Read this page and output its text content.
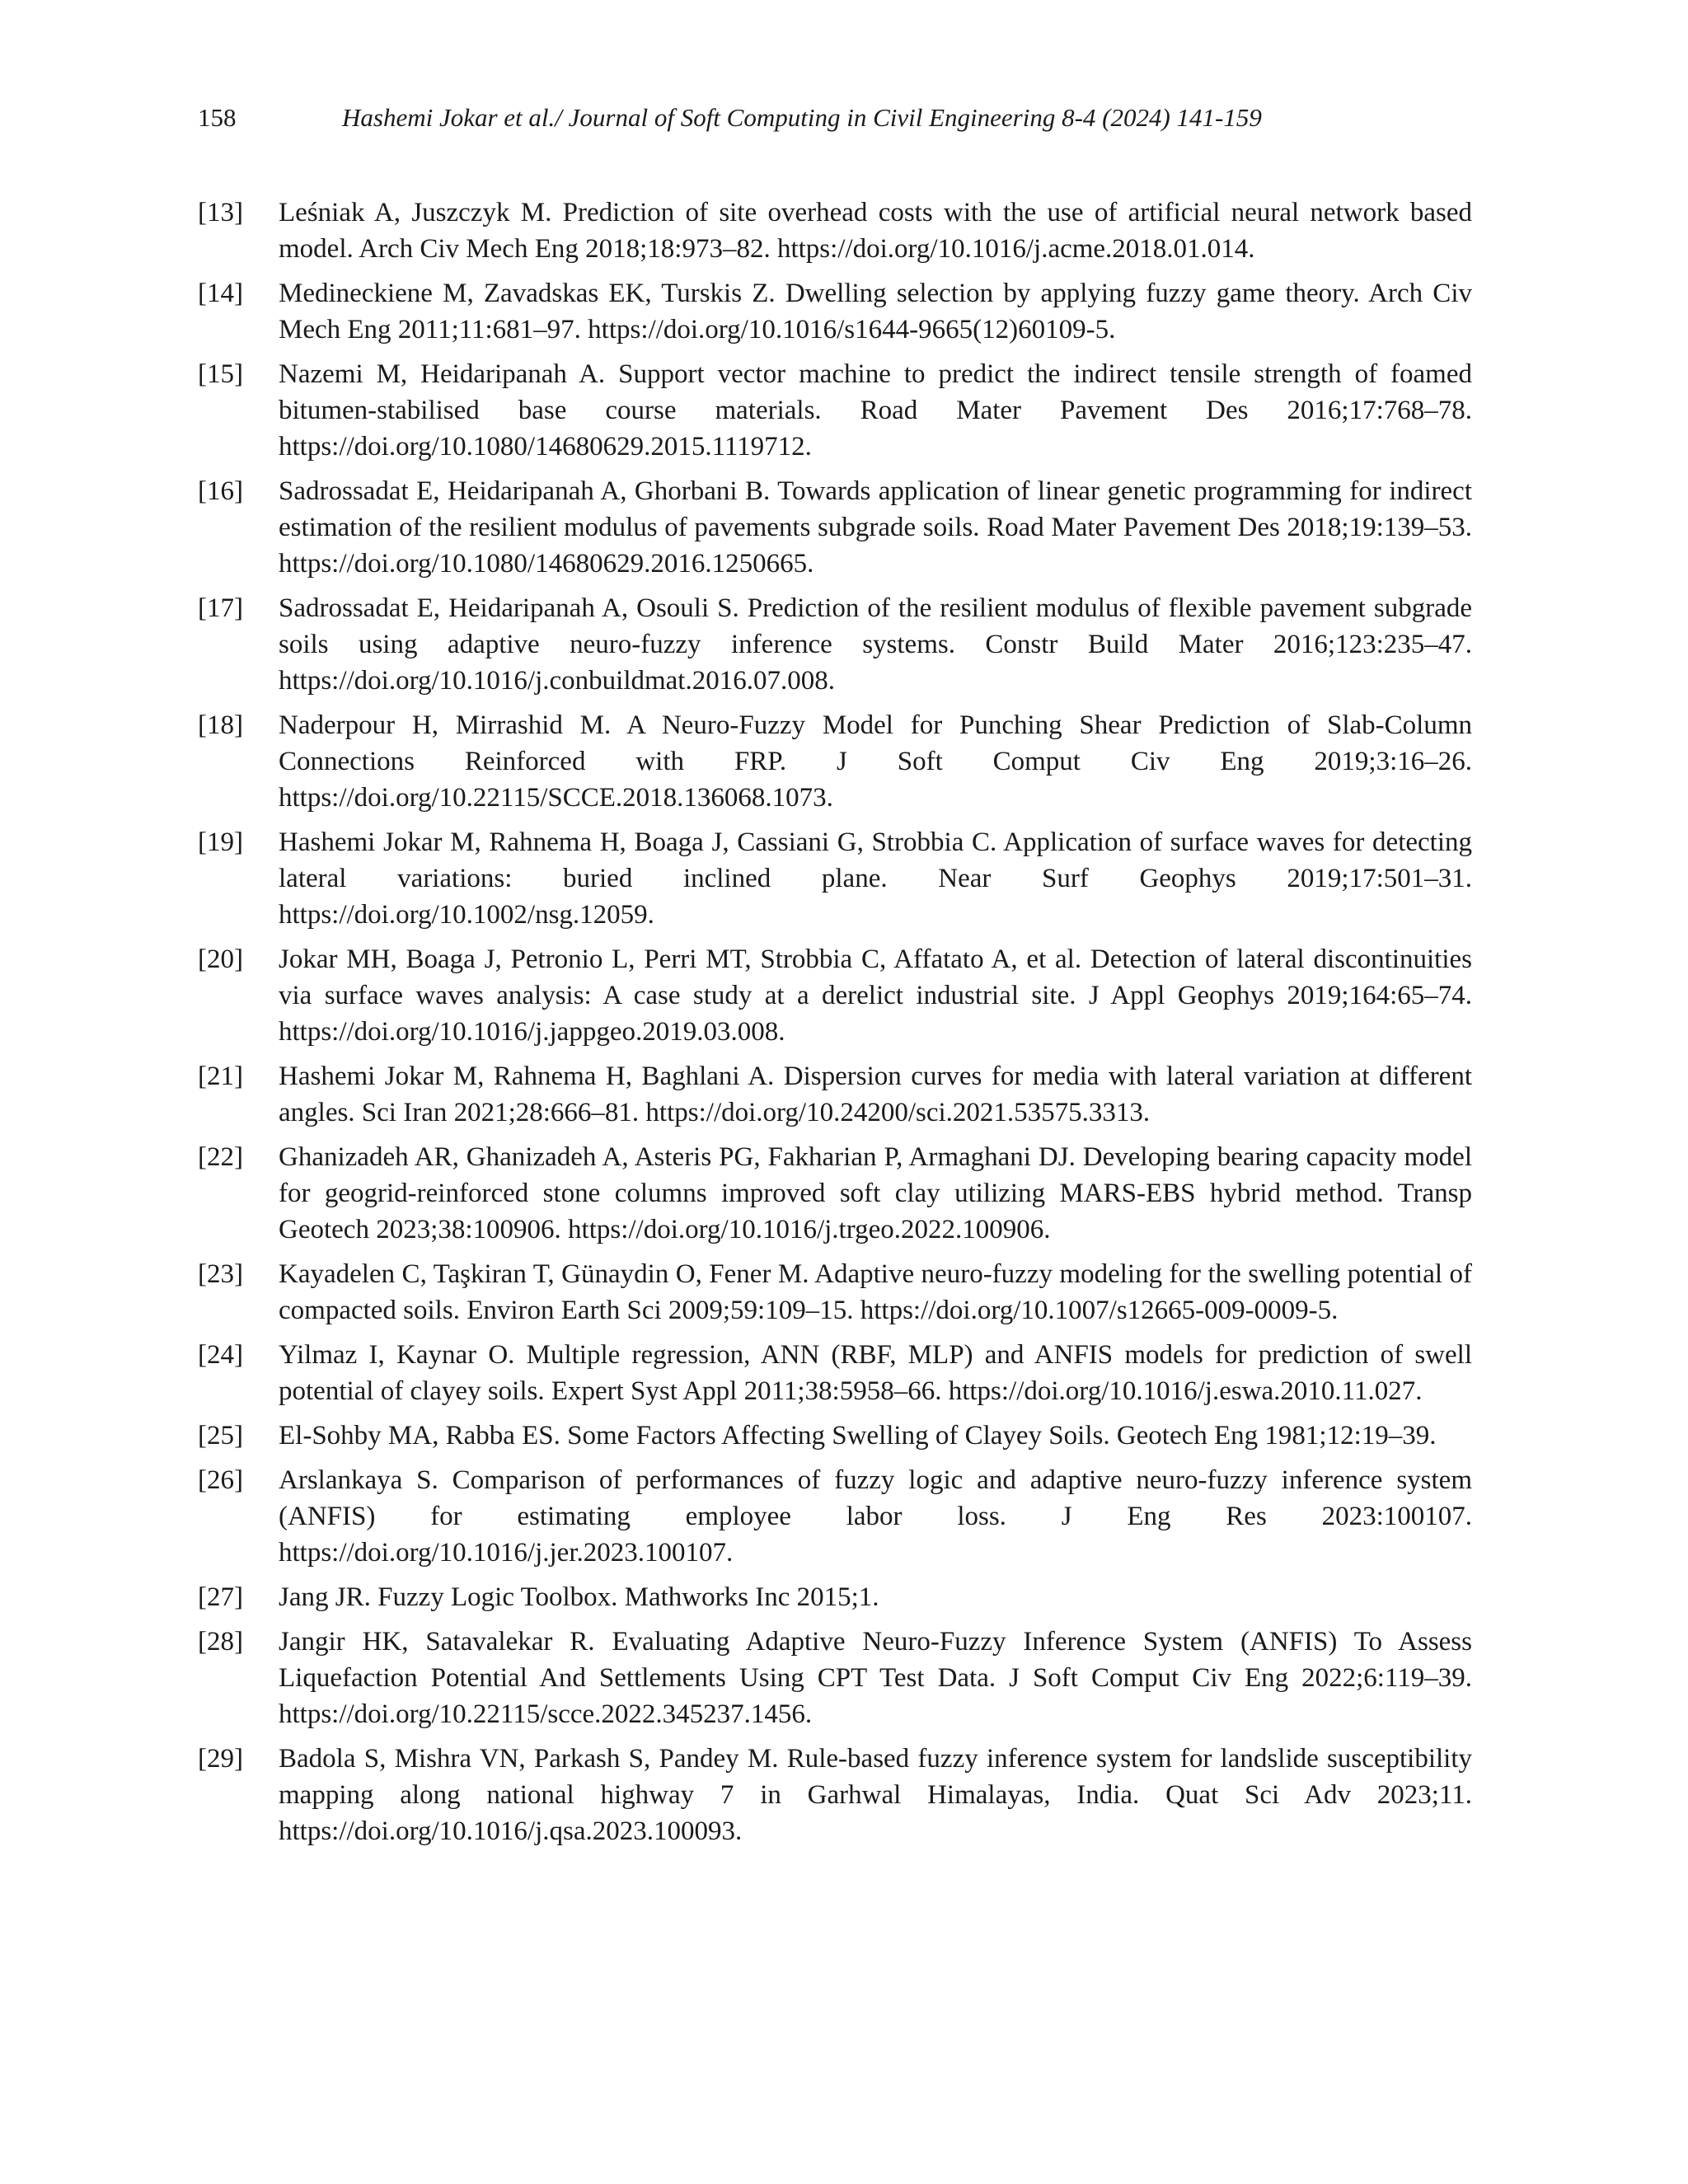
158	Hashemi Jokar et al./ Journal of Soft Computing in Civil Engineering 8-4 (2024) 141-159
[13] Leśniak A, Juszczyk M. Prediction of site overhead costs with the use of artificial neural network based model. Arch Civ Mech Eng 2018;18:973–82. https://doi.org/10.1016/j.acme.2018.01.014.
[14] Medineckiene M, Zavadskas EK, Turskis Z. Dwelling selection by applying fuzzy game theory. Arch Civ Mech Eng 2011;11:681–97. https://doi.org/10.1016/s1644-9665(12)60109-5.
[15] Nazemi M, Heidaripanah A. Support vector machine to predict the indirect tensile strength of foamed bitumen-stabilised base course materials. Road Mater Pavement Des 2016;17:768–78. https://doi.org/10.1080/14680629.2015.1119712.
[16] Sadrossadat E, Heidaripanah A, Ghorbani B. Towards application of linear genetic programming for indirect estimation of the resilient modulus of pavements subgrade soils. Road Mater Pavement Des 2018;19:139–53. https://doi.org/10.1080/14680629.2016.1250665.
[17] Sadrossadat E, Heidaripanah A, Osouli S. Prediction of the resilient modulus of flexible pavement subgrade soils using adaptive neuro-fuzzy inference systems. Constr Build Mater 2016;123:235–47. https://doi.org/10.1016/j.conbuildmat.2016.07.008.
[18] Naderpour H, Mirrashid M. A Neuro-Fuzzy Model for Punching Shear Prediction of Slab-Column Connections Reinforced with FRP. J Soft Comput Civ Eng 2019;3:16–26. https://doi.org/10.22115/SCCE.2018.136068.1073.
[19] Hashemi Jokar M, Rahnema H, Boaga J, Cassiani G, Strobbia C. Application of surface waves for detecting lateral variations: buried inclined plane. Near Surf Geophys 2019;17:501–31. https://doi.org/10.1002/nsg.12059.
[20] Jokar MH, Boaga J, Petronio L, Perri MT, Strobbia C, Affatato A, et al. Detection of lateral discontinuities via surface waves analysis: A case study at a derelict industrial site. J Appl Geophys 2019;164:65–74. https://doi.org/10.1016/j.jappgeo.2019.03.008.
[21] Hashemi Jokar M, Rahnema H, Baghlani A. Dispersion curves for media with lateral variation at different angles. Sci Iran 2021;28:666–81. https://doi.org/10.24200/sci.2021.53575.3313.
[22] Ghanizadeh AR, Ghanizadeh A, Asteris PG, Fakharian P, Armaghani DJ. Developing bearing capacity model for geogrid-reinforced stone columns improved soft clay utilizing MARS-EBS hybrid method. Transp Geotech 2023;38:100906. https://doi.org/10.1016/j.trgeo.2022.100906.
[23] Kayadelen C, Taşkiran T, Günaydin O, Fener M. Adaptive neuro-fuzzy modeling for the swelling potential of compacted soils. Environ Earth Sci 2009;59:109–15. https://doi.org/10.1007/s12665-009-0009-5.
[24] Yilmaz I, Kaynar O. Multiple regression, ANN (RBF, MLP) and ANFIS models for prediction of swell potential of clayey soils. Expert Syst Appl 2011;38:5958–66. https://doi.org/10.1016/j.eswa.2010.11.027.
[25] El-Sohby MA, Rabba ES. Some Factors Affecting Swelling of Clayey Soils. Geotech Eng 1981;12:19–39.
[26] Arslankaya S. Comparison of performances of fuzzy logic and adaptive neuro-fuzzy inference system (ANFIS) for estimating employee labor loss. J Eng Res 2023:100107. https://doi.org/10.1016/j.jer.2023.100107.
[27] Jang JR. Fuzzy Logic Toolbox. Mathworks Inc 2015;1.
[28] Jangir HK, Satavalekar R. Evaluating Adaptive Neuro-Fuzzy Inference System (ANFIS) To Assess Liquefaction Potential And Settlements Using CPT Test Data. J Soft Comput Civ Eng 2022;6:119–39. https://doi.org/10.22115/scce.2022.345237.1456.
[29] Badola S, Mishra VN, Parkash S, Pandey M. Rule-based fuzzy inference system for landslide susceptibility mapping along national highway 7 in Garhwal Himalayas, India. Quat Sci Adv 2023;11. https://doi.org/10.1016/j.qsa.2023.100093.
